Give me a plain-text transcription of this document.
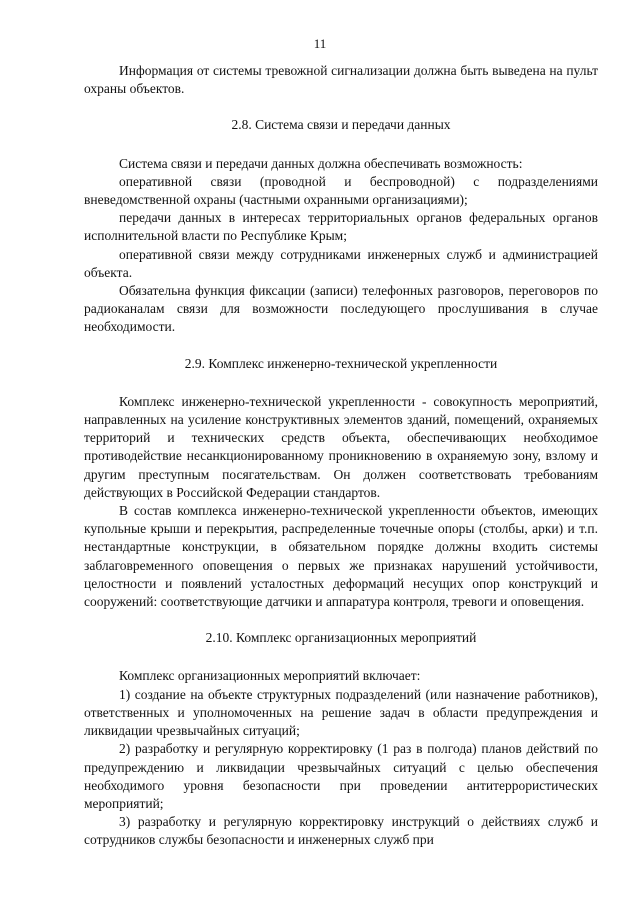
11

Информация от системы тревожной сигнализации должна быть выведена на пульт охраны объектов.

2.8. Система связи и передачи данных

Система связи и передачи данных должна обеспечивать возможность:

оперативной связи (проводной и беспроводной) с подразделениями вневедомственной охраны (частными охранными организациями);

передачи данных в интересах территориальных органов федеральных органов исполнительной власти по Республике Крым;

оперативной связи между сотрудниками инженерных служб и администрацией объекта.

Обязательна функция фиксации (записи) телефонных разговоров, переговоров по радиоканалам связи для возможности последующего прослушивания в случае необходимости.

2.9. Комплекс инженерно-технической укрепленности

Комплекс инженерно-технической укрепленности - совокупность мероприятий, направленных на усиление конструктивных элементов зданий, помещений, охраняемых территорий и технических средств объекта, обеспечивающих необходимое противодействие несанкционированному проникновению в охраняемую зону, взлому и другим преступным посягательствам. Он должен соответствовать требованиям действующих в Российской Федерации стандартов.

В состав комплекса инженерно-технической укрепленности объектов, имеющих купольные крыши и перекрытия, распределенные точечные опоры (столбы, арки) и т.п. нестандартные конструкции, в обязательном порядке должны входить системы заблаговременного оповещения о первых же признаках нарушений устойчивости, целостности и появлений усталостных деформаций несущих опор конструкций и сооружений: соответствующие датчики и аппаратура контроля, тревоги и оповещения.

2.10. Комплекс организационных мероприятий

Комплекс организационных мероприятий включает:

1) создание на объекте структурных подразделений (или назначение работников), ответственных и уполномоченных на решение задач в области предупреждения и ликвидации чрезвычайных ситуаций;

2) разработку и регулярную корректировку (1 раз в полгода) планов действий по предупреждению и ликвидации чрезвычайных ситуаций с целью обеспечения необходимого уровня безопасности при проведении антитеррористических мероприятий;

3) разработку и регулярную корректировку инструкций о действиях служб и сотрудников службы безопасности и инженерных служб при
